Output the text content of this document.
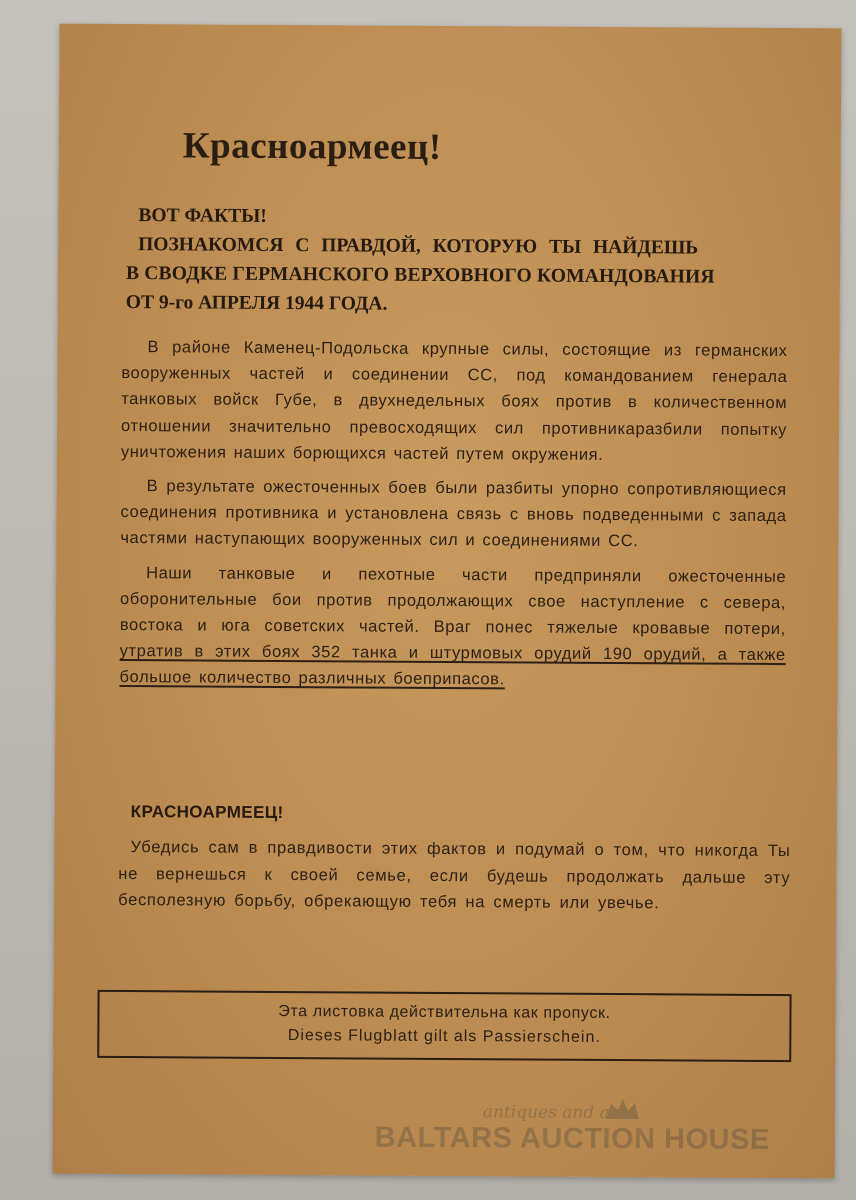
Красноармеец!
ВОТ ФАКТЫ!
ПОЗНАКОМСЯ С ПРАВДОЙ, КОТОРУЮ ТЫ НАЙДЕШЬ
В СВОДКЕ ГЕРМАНСКОГО ВЕРХОВНОГО КОМАНДОВАНИЯ
ОТ 9-го АПРЕЛЯ 1944 ГОДА.

В районе Каменец-Подольска крупные силы, состоящие из германских вооруженных частей и соединении СС, под командованием генерала танковых войск Губе, в двухнедельных боях против в количественном отношении значительно превосходящих сил противникаразбили попытку уничтожения наших борющихся частей путем окружения.

В результате ожесточенных боев были разбиты упорно сопротивляющиеся соединения противника и установлена связь с вновь подведенными с запада частями наступающих вооруженных сил и соединениями СС.

Наши танковые и пехотные части предприняли ожесточенные оборонительные бои против продолжающих свое наступление с севера, востока и юга советских частей. Враг понес тяжелые кровавые потери, утратив в этих боях 352 танка и штурмовых орудий 190 орудий, а также большое количество различных боеприпасов.

КРАСНОАРМЕЕЦ!
Убедись сам в правдивости этих фактов и подумай о том, что никогда Ты не вернешься к своей семье, если будешь продолжать дальше эту бесполезную борьбу, обрекающую тебя на смерть или увечье.
Эта листовка действительна как пропуск.
Dieses Flugblatt gilt als Passierschein.
antiques and art
BALTARS AUCTION HOUSE
